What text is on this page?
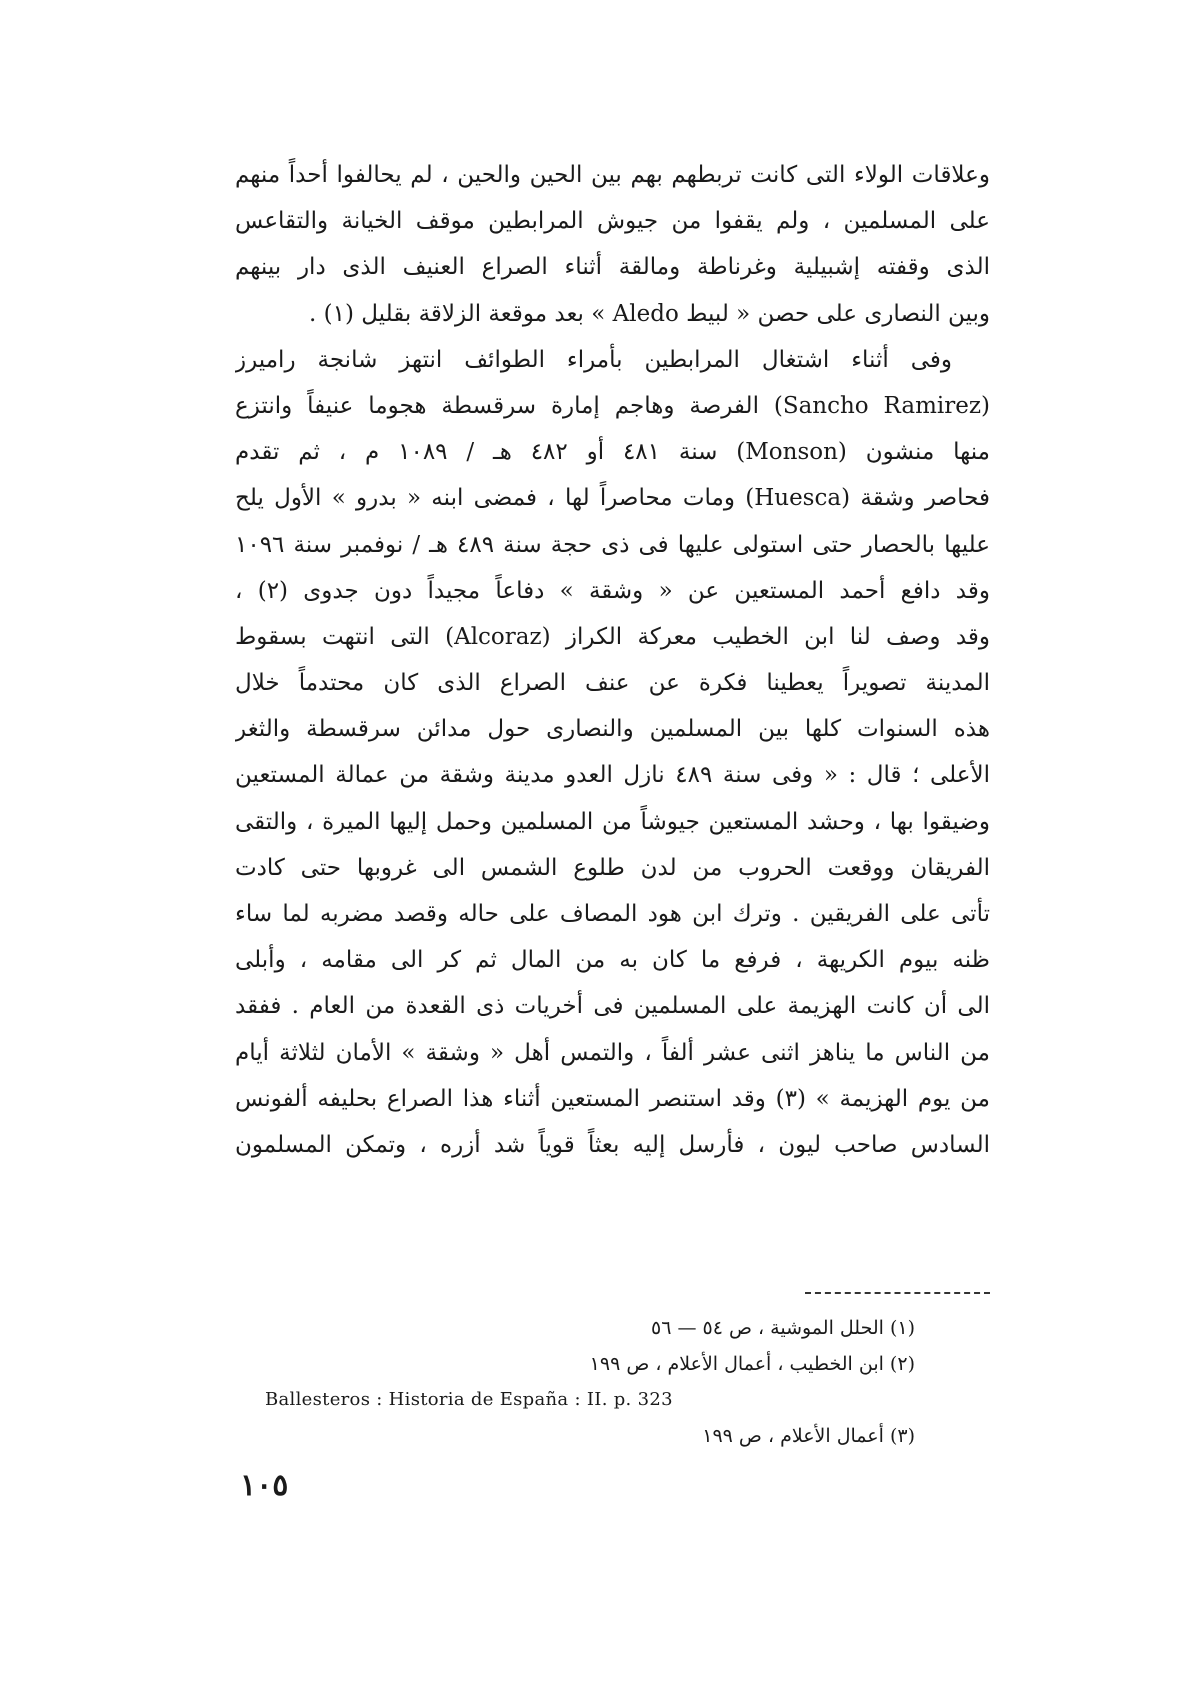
وعلاقات الولاء التى كانت تربطهم بهم بين الحين والحين ، لم يحالفوا أحداً منهم
على المسلمين ، ولم يقفوا من جيوش المرابطين موقف الخيانة والتقاعس
الذى وقفته إشبيلية وغرناطة ومالقة أثناء الصراع العنيف الذى دار بينهم
وبين النصارى على حصن « لبيط Aledo » بعد موقعة الزلاقة بقليل (١) .
وفى أثناء اشتغال المرابطين بأمراء الطوائف انتهز شانجة راميرز
(Sancho Ramirez) الفرصة وهاجم إمارة سرقسطة هجوما عنيفاً وانتزع
منها منشون (Monson) سنة ٤٨١ أو ٤٨٢ هـ / ١٠٨٩ م ، ثم تقدم
فحاصر وشقة (Huesca) ومات محاصراً لها ، فمضى ابنه « بدرو » الأول يلح
عليها بالحصار حتى استولى عليها فى ذى حجة سنة ٤٨٩ هـ / نوفمبر سنة ١٠٩٦
وقد دافع أحمد المستعين عن « وشقة » دفاعاً مجيداً دون جدوى (٢) ،
وقد وصف لنا ابن الخطيب معركة الكراز (Alcoraz) التى انتهت بسقوط
المدينة تصويراً يعطينا فكرة عن عنف الصراع الذى كان محتدماً خلال
هذه السنوات كلها بين المسلمين والنصارى حول مدائن سرقسطة والثغر
الأعلى ؛ قال : « وفى سنة ٤٨٩ نازل العدو مدينة وشقة من عمالة المستعين
وضيقوا بها ، وحشد المستعين جيوشاً من المسلمين وحمل إليها الميرة ، والتقى
الفريقان ووقعت الحروب من لدن طلوع الشمس الى غروبها حتى كادت
تأتى على الفريقين . وترك ابن هود المصاف على حاله وقصد مضربه لما ساء
ظنه بيوم الكريهة ، فرفع ما كان به من المال ثم كر الى مقامه ، وأبلى
الى أن كانت الهزيمة على المسلمين فى أخريات ذى القعدة من العام . ففقد
من الناس ما يناهز اثنى عشر ألفاً ، والتمس أهل « وشقة » الأمان لثلاثة أيام
من يوم الهزيمة » (٣) وقد استنصر المستعين أثناء هذا الصراع بحليفه ألفونس
السادس صاحب ليون ، فأرسل إليه بعثاً قوياً شد أزره ، وتمكن المسلمون
(١) الحلل الموشية ، ص ٥٤ — ٥٦
(٢) ابن الخطيب ، أعمال الأعلام ، ص ١٩٩
Ballesteros : Historia de España : II. p. 323
(٣) أعمال الأعلام ، ص ١٩٩
١٠٥
